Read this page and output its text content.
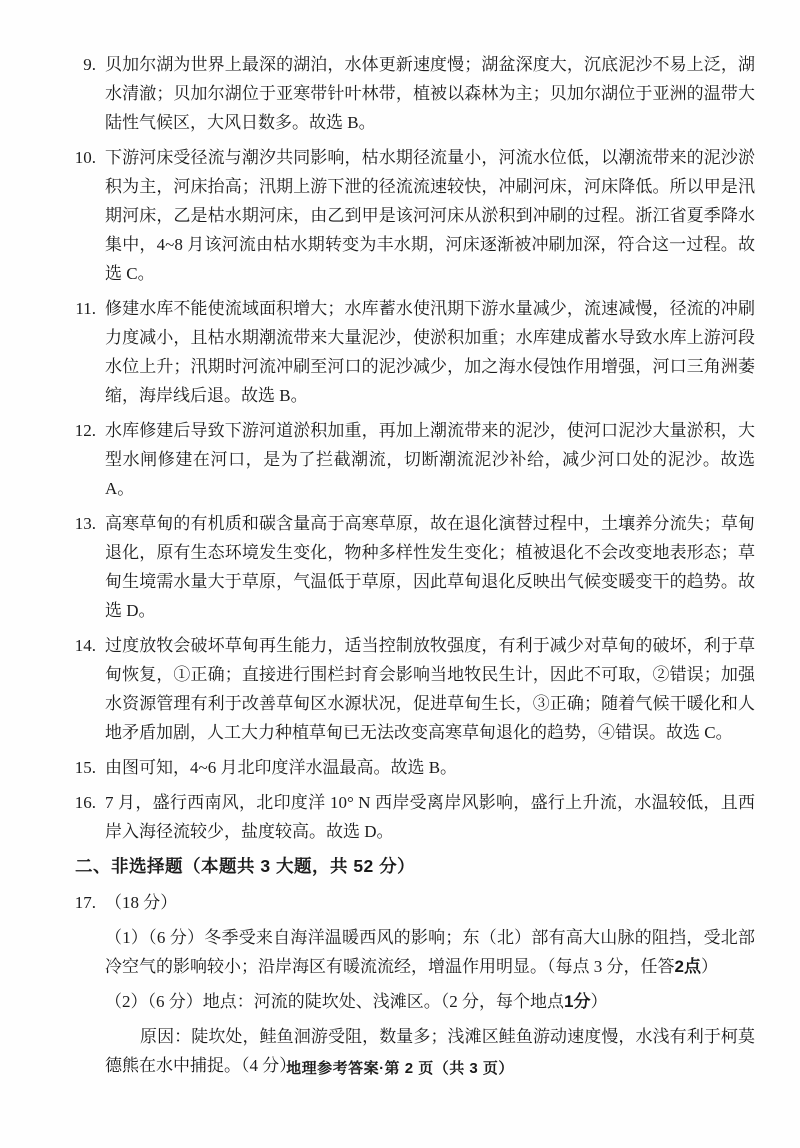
9. 贝加尔湖为世界上最深的湖泊，水体更新速度慢；湖盆深度大，沉底泥沙不易上泛，湖水清澈；贝加尔湖位于亚寒带针叶林带，植被以森林为主；贝加尔湖位于亚洲的温带大陆性气候区，大风日数多。故选 B。
10. 下游河床受径流与潮汐共同影响，枯水期径流量小，河流水位低，以潮流带来的泥沙淤积为主，河床抬高；汛期上游下泄的径流流速较快，冲刷河床，河床降低。所以甲是汛期河床，乙是枯水期河床，由乙到甲是该河河床从淤积到冲刷的过程。浙江省夏季降水集中，4~8 月该河流由枯水期转变为丰水期，河床逐渐被冲刷加深，符合这一过程。故选 C。
11. 修建水库不能使流域面积增大；水库蓄水使汛期下游水量减少，流速减慢，径流的冲刷力度减小，且枯水期潮流带来大量泥沙，使淤积加重；水库建成蓄水导致水库上游河段水位上升；汛期时河流冲刷至河口的泥沙减少，加之海水侵蚀作用增强，河口三角洲萎缩，海岸线后退。故选 B。
12. 水库修建后导致下游河道淤积加重，再加上潮流带来的泥沙，使河口泥沙大量淤积，大型水闸修建在河口，是为了拦截潮流，切断潮流泥沙补给，减少河口处的泥沙。故选 A。
13. 高寒草甸的有机质和碳含量高于高寒草原，故在退化演替过程中，土壤养分流失；草甸退化，原有生态环境发生变化，物种多样性发生变化；植被退化不会改变地表形态；草甸生境需水量大于草原，气温低于草原，因此草甸退化反映出气候变暖变干的趋势。故选 D。
14. 过度放牧会破坏草甸再生能力，适当控制放牧强度，有利于减少对草甸的破坏，利于草甸恢复，①正确；直接进行围栏封育会影响当地牧民生计，因此不可取，②错误；加强水资源管理有利于改善草甸区水源状况，促进草甸生长，③正确；随着气候干暖化和人地矛盾加剧，人工大力种植草甸已无法改变高寒草甸退化的趋势，④错误。故选 C。
15. 由图可知，4~6 月北印度洋水温最高。故选 B。
16. 7 月，盛行西南风，北印度洋 10° N 西岸受离岸风影响，盛行上升流，水温较低，且西岸入海径流较少，盐度较高。故选 D。
二、非选择题（本题共 3 大题，共 52 分）
17. （18 分）
（1）（6 分）冬季受来自海洋温暖西风的影响；东（北）部有高大山脉的阻挡，受北部冷空气的影响较小；沿岸海区有暖流流经，增温作用明显。（每点 3 分，任答2点）
（2）（6 分）地点：河流的陡坎处、浅滩区。（2 分，每个地点1分）
原因：陡坎处，鲑鱼洄游受阻，数量多；浅滩区鲑鱼游动速度慢，水浅有利于柯莫德熊在水中捕捉。（4 分）
地理参考答案·第 2 页（共 3 页）
